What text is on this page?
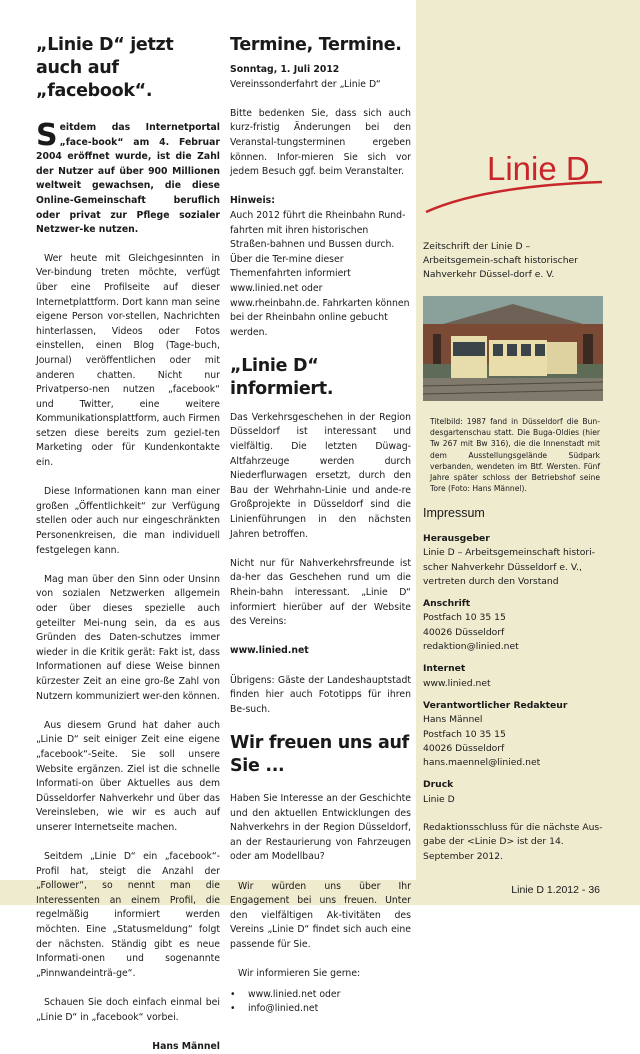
„Linie D“ jetzt auch auf „facebook“.
Seitdem das Internetportal „face-book“ am 4. Februar 2004 eröffnet wurde, ist die Zahl der Nutzer auf über 900 Millionen weltweit gewachsen, die diese Online-Gemeinschaft beruflich oder privat zur Pflege sozialer Netzwer-ke nutzen.

Wer heute mit Gleichgesinnten in Ver-bindung treten möchte, verfügt über eine Profilseite auf dieser Internetplattform. Dort kann man seine eigene Person vor-stellen, Nachrichten hinterlassen, Videos oder Fotos einstellen, einen Blog (Tage-buch, Journal) veröffentlichen oder mit anderen chatten. Nicht nur Privatperso-nen nutzen „facebook“ und Twitter, eine weitere Kommunikationsplattform, auch Firmen setzen diese bereits zum geziel-ten Marketing oder für Kundenkontakte ein.

Diese Informationen kann man einer großen „Öffentlichkeit“ zur Verfügung stellen oder auch nur eingeschränkten Personenkreisen, die man individuell festgelegen kann.

Mag man über den Sinn oder Unsinn von sozialen Netzwerken allgemein oder über dieses spezielle auch geteilter Mei-nung sein, da es aus Gründen des Daten-schutzes immer wieder in die Kritik gerät: Fakt ist, dass Informationen auf diese Weise binnen kürzester Zeit an eine gro-ße Zahl von Nutzern kommuniziert wer-den können.

Aus diesem Grund hat daher auch „Linie D“ seit einiger Zeit eine eigene „facebook“-Seite. Sie soll unsere Website ergänzen. Ziel ist die schnelle Informati-on über Aktuelles aus dem Düsseldorfer Nahverkehr und über das Vereinsleben, wie wir es auch auf unserer Internetseite machen.

Seitdem „Linie D“ ein „facebook“-Profil hat, steigt die Anzahl der „Follower“, so nennt man die Interessenten an einem Profil, die regelmäßig informiert werden möchten. Eine „Statusmeldung“ folgt der nächsten. Ständig gibt es neue Informati-onen und sogenannte „Pinnwandeinträ-ge“.

Schauen Sie doch einfach einmal bei „Linie D“ in „facebook“ vorbei.

Hans Männel
Termine, Termine.
Sonntag, 1. Juli 2012

Vereinssonderfahrt der „Linie D“

Bitte bedenken Sie, dass sich auch kurz-fristig Änderungen bei den Veranstal-tungsterminen ergeben können. Infor-mieren Sie sich vor jedem Besuch ggf. beim Veranstalter.

Hinweis:

Auch 2012 führt die Rheinbahn Rund-fahrten mit ihren historischen Straßen-bahnen und Bussen durch. Über die Ter-mine dieser Themenfahrten informiert www.linied.net oder www.rheinbahn.de. Fahrkarten können bei der Rheinbahn online gebucht werden.

„Linie D“ informiert.

Das Verkehrsgeschehen in der Region Düsseldorf ist interessant und vielfältig. Die letzten Düwag-Altfahrzeuge werden durch Niederflurwagen ersetzt, durch den Bau der Wehrhahn-Linie und ande-re Großprojekte in Düsseldorf sind die Linienführungen in den nächsten Jahren betroffen.

Nicht nur für Nahverkehrsfreunde ist da-her das Geschehen rund um die Rhein-bahn interessant. „Linie D“ informiert hierüber auf der Website des Vereins:

www.linied.net

Übrigens: Gäste der Landeshauptstadt finden hier auch Fototipps für ihren Be-such.

Wir freuen uns auf Sie ...

Haben Sie Interesse an der Geschichte und den aktuellen Entwicklungen des Nahverkehrs in der Region Düsseldorf, an der Restaurierung von Fahrzeugen oder am Modellbau?

Wir würden uns über Ihr Engagement bei uns freuen. Unter den vielfältigen Ak-tivitäten des Vereins „Linie D“ findet sich auch eine passende für Sie.

Wir informieren Sie gerne:
• www.linied.net oder
• info@linied.net
Linie D
Zeitschrift der Linie D – Arbeitsgemein-schaft historischer Nahverkehr Düssel-dorf e. V.
Titelbild: 1987 fand in Düsseldorf die Bun-desgartenschau statt. Die Buga-Oldies (hier Tw 267 mit Bw 316), die die Innenstadt mit dem Ausstellungsgelände Südpark verbanden, wendeten im Btf. Wersten. Fünf Jahre später schloss der Betriebshof seine Tore (Foto: Hans Männel).
Impressum
Herausgeber
Linie D – Arbeitsgemeinschaft histori-scher Nahverkehr Düsseldorf e. V., vertreten durch den Vorstand
Anschrift
Postfach 10 35 15
40026 Düsseldorf
redaktion@linied.net
Internet
www.linied.net
Verantwortlicher Redakteur
Hans Männel
Postfach 10 35 15
40026 Düsseldorf
hans.maennel@linied.net
Druck
Linie D
Redaktionsschluss für die nächste Aus-gabe der <Linie D> ist der 14. September 2012.
Linie D 1.2012 - 36
